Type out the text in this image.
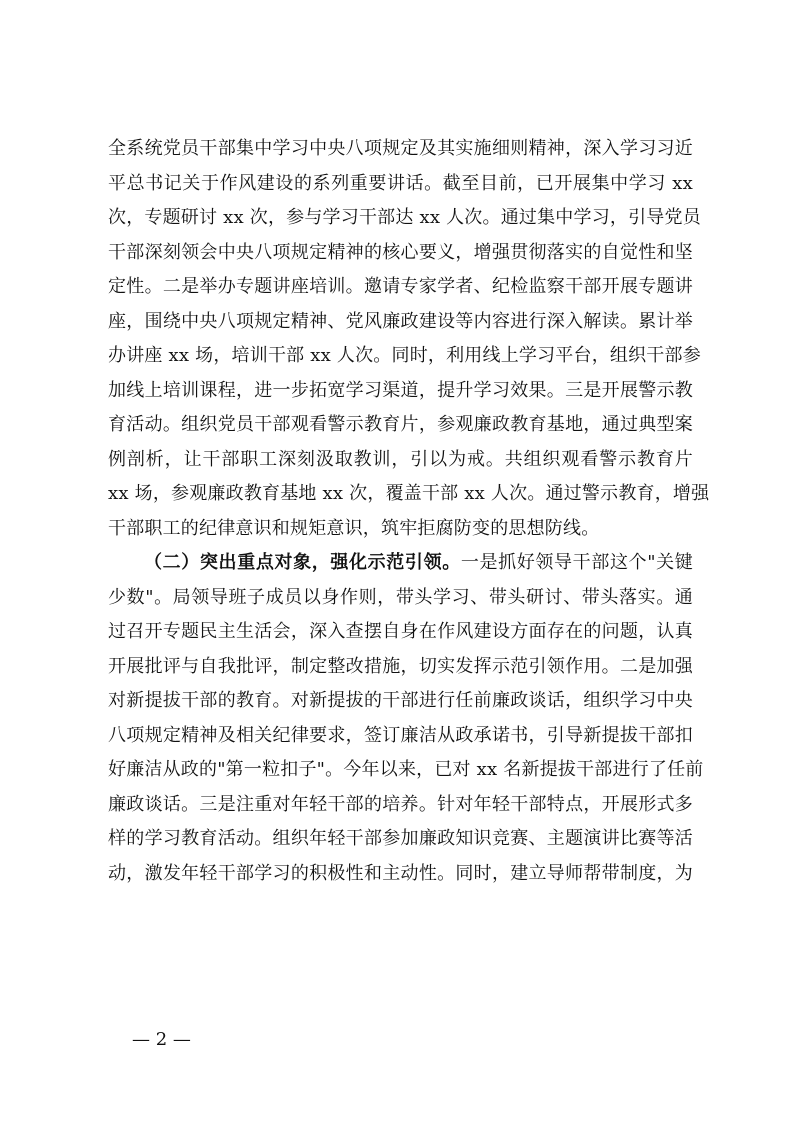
全系统党员干部集中学习中央八项规定及其实施细则精神，深入学习习近
平总书记关于作风建设的系列重要讲话。截至目前，已开展集中学习 xx
次，专题研讨 xx 次，参与学习干部达 xx 人次。通过集中学习，引导党员
干部深刻领会中央八项规定精神的核心要义，增强贯彻落实的自觉性和坚
定性。二是举办专题讲座培训。邀请专家学者、纪检监察干部开展专题讲
座，围绕中央八项规定精神、党风廉政建设等内容进行深入解读。累计举
办讲座 xx 场，培训干部 xx 人次。同时，利用线上学习平台，组织干部参
加线上培训课程，进一步拓宽学习渠道，提升学习效果。三是开展警示教
育活动。组织党员干部观看警示教育片，参观廉政教育基地，通过典型案
例剖析，让干部职工深刻汲取教训，引以为戒。共组织观看警示教育片
xx 场，参观廉政教育基地 xx 次，覆盖干部 xx 人次。通过警示教育，增强
干部职工的纪律意识和规矩意识，筑牢拒腐防变的思想防线。
（二）突出重点对象，强化示范引领。一是抓好领导干部这个"关键
少数"。局领导班子成员以身作则，带头学习、带头研讨、带头落实。通
过召开专题民主生活会，深入查摆自身在作风建设方面存在的问题，认真
开展批评与自我批评，制定整改措施，切实发挥示范引领作用。二是加强
对新提拔干部的教育。对新提拔的干部进行任前廉政谈话，组织学习中央
八项规定精神及相关纪律要求，签订廉洁从政承诺书，引导新提拔干部扣
好廉洁从政的"第一粒扣子"。今年以来，已对 xx 名新提拔干部进行了任前
廉政谈话。三是注重对年轻干部的培养。针对年轻干部特点，开展形式多
样的学习教育活动。组织年轻干部参加廉政知识竞赛、主题演讲比赛等活
动，激发年轻干部学习的积极性和主动性。同时，建立导师帮带制度，为
— 2 —
